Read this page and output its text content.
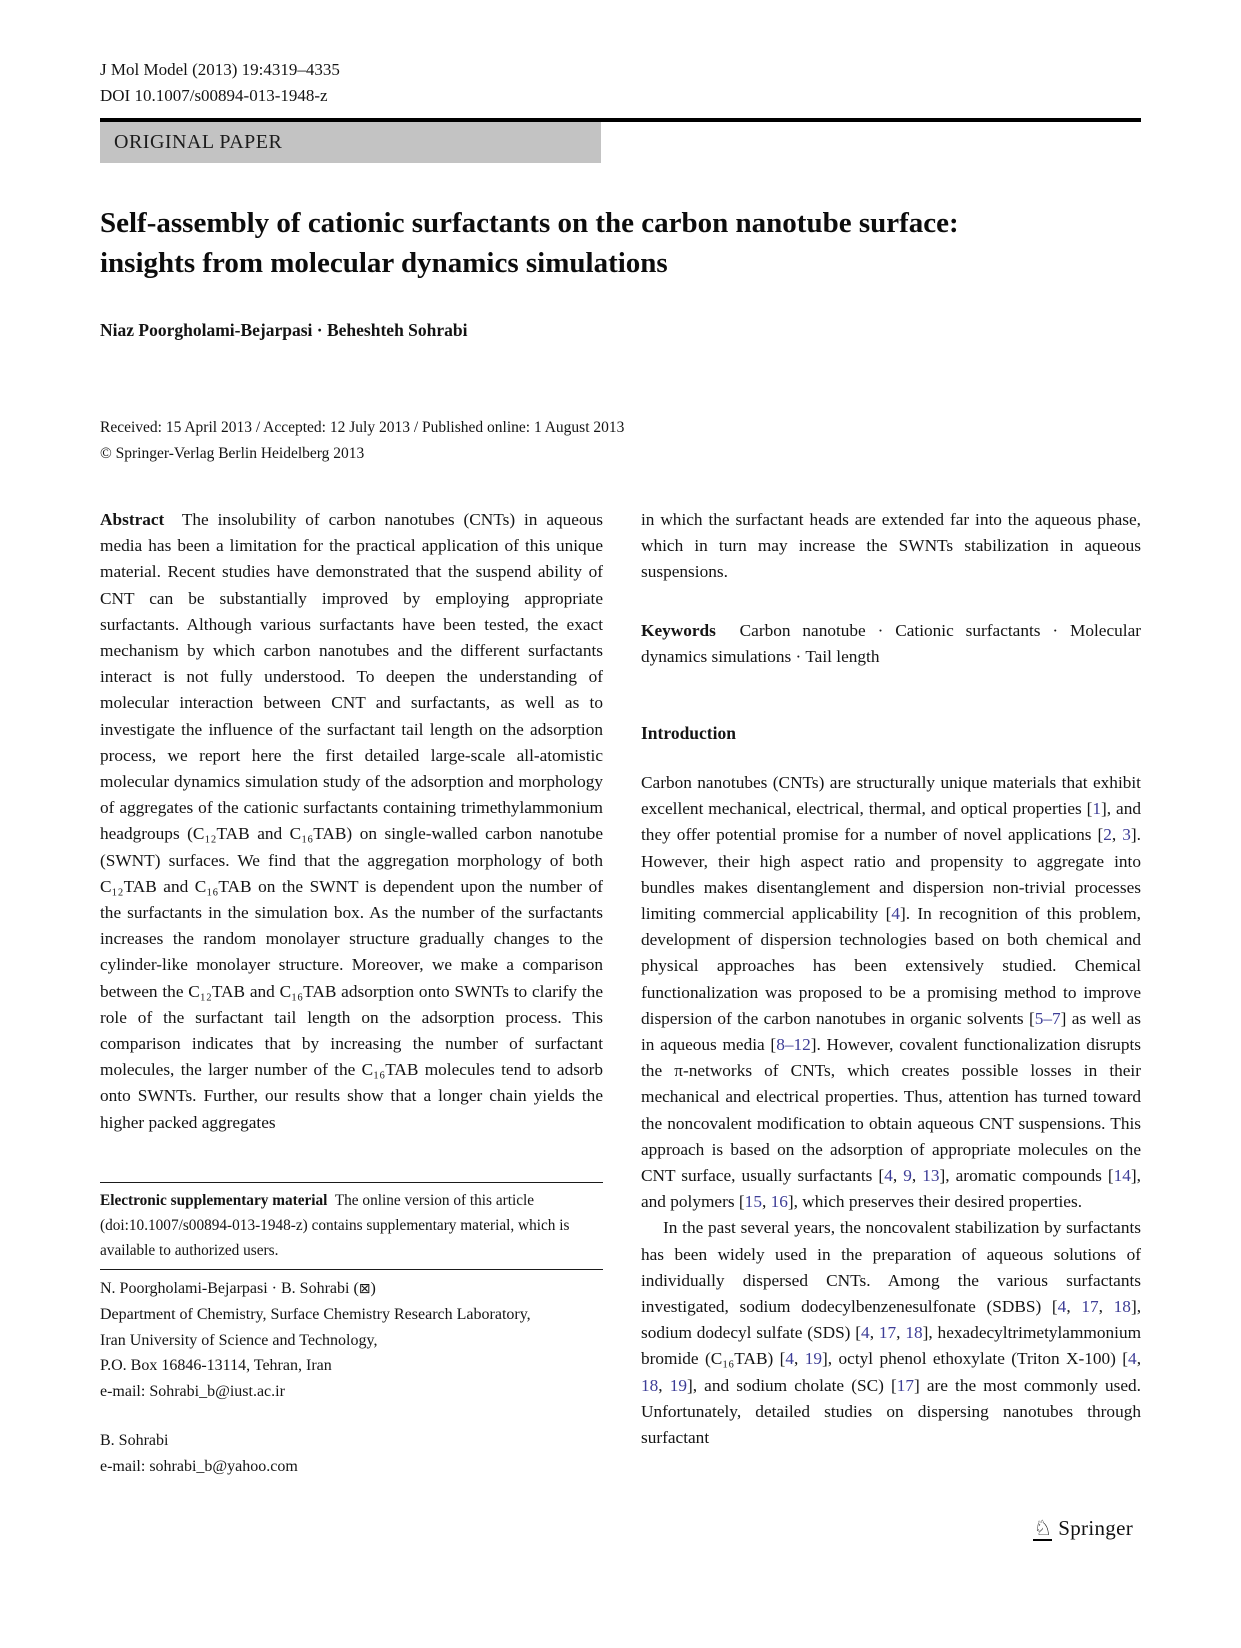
J Mol Model (2013) 19:4319–4335
DOI 10.1007/s00894-013-1948-z
ORIGINAL PAPER
Self-assembly of cationic surfactants on the carbon nanotube surface: insights from molecular dynamics simulations
Niaz Poorgholami-Bejarpasi · Beheshteh Sohrabi
Received: 15 April 2013 / Accepted: 12 July 2013 / Published online: 1 August 2013
© Springer-Verlag Berlin Heidelberg 2013

Abstract The insolubility of carbon nanotubes (CNTs) in aqueous media has been a limitation for the practical application of this unique material. Recent studies have demonstrated that the suspend ability of CNT can be substantially improved by employing appropriate surfactants. Although various surfactants have been tested, the exact mechanism by which carbon nanotubes and the different surfactants interact is not fully understood. To deepen the understanding of molecular interaction between CNT and surfactants, as well as to investigate the influence of the surfactant tail length on the adsorption process, we report here the first detailed large-scale all-atomistic molecular dynamics simulation study of the adsorption and morphology of aggregates of the cationic surfactants containing trimethylammonium headgroups (C₁₂TAB and C₁₆TAB) on single-walled carbon nanotube (SWNT) surfaces. We find that the aggregation morphology of both C₁₂TAB and C₁₆TAB on the SWNT is dependent upon the number of the surfactants in the simulation box. As the number of the surfactants increases the random monolayer structure gradually changes to the cylinder-like monolayer structure. Moreover, we make a comparison between the C₁₂TAB and C₁₆TAB adsorption onto SWNTs to clarify the role of the surfactant tail length on the adsorption process. This comparison indicates that by increasing the number of surfactant molecules, the larger number of the C₁₆TAB molecules tend to adsorb onto SWNTs. Further, our results show that a longer chain yields the higher packed aggregates

Electronic supplementary material The online version of this article (doi:10.1007/s00894-013-1948-z) contains supplementary material, which is available to authorized users.

N. Poorgholami-Bejarpasi · B. Sohrabi (⊠)
Department of Chemistry, Surface Chemistry Research Laboratory,
Iran University of Science and Technology,
P.O. Box 16846-13114, Tehran, Iran
e-mail: Sohrabi_b@iust.ac.ir
B. Sohrabi
e-mail: sohrabi_b@yahoo.com

in which the surfactant heads are extended far into the aqueous phase, which in turn may increase the SWNTs stabilization in aqueous suspensions.

Keywords Carbon nanotube · Cationic surfactants · Molecular dynamics simulations · Tail length

Introduction

Carbon nanotubes (CNTs) are structurally unique materials that exhibit excellent mechanical, electrical, thermal, and optical properties [1], and they offer potential promise for a number of novel applications [2, 3]. However, their high aspect ratio and propensity to aggregate into bundles makes disentanglement and dispersion non-trivial processes limiting commercial applicability [4]. In recognition of this problem, development of dispersion technologies based on both chemical and physical approaches has been extensively studied. Chemical functionalization was proposed to be a promising method to improve dispersion of the carbon nanotubes in organic solvents [5–7] as well as in aqueous media [8–12]. However, covalent functionalization disrupts the π-networks of CNTs, which creates possible losses in their mechanical and electrical properties. Thus, attention has turned toward the noncovalent modification to obtain aqueous CNT suspensions. This approach is based on the adsorption of appropriate molecules on the CNT surface, usually surfactants [4, 9, 13], aromatic compounds [14], and polymers [15, 16], which preserves their desired properties.

In the past several years, the noncovalent stabilization by surfactants has been widely used in the preparation of aqueous solutions of individually dispersed CNTs. Among the various surfactants investigated, sodium dodecylbenzenesulfonate (SDBS) [4, 17, 18], sodium dodecyl sulfate (SDS) [4, 17, 18], hexadecyltrimetylammonium bromide (C₁₆TAB) [4, 19], octyl phenol ethoxylate (Triton X-100) [4, 18, 19], and sodium cholate (SC) [17] are the most commonly used. Unfortunately, detailed studies on dispersing nanotubes through surfactant

♘ Springer
